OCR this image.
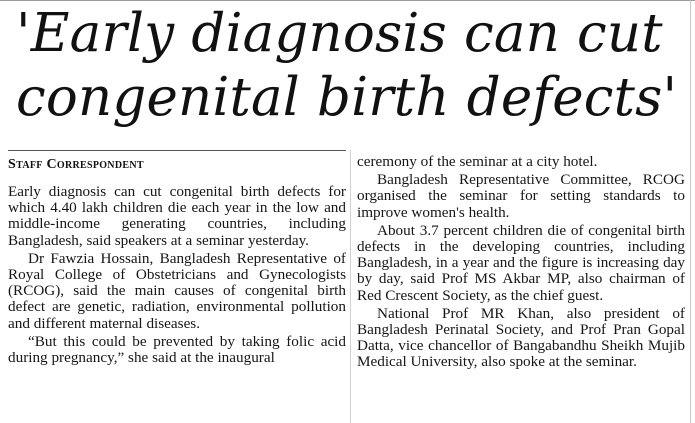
'Early diagnosis can cut
congenital birth defects'
Staff Correspondent

Early diagnosis can cut congenital birth defects for which 4.40 lakh children die each year in the low and middle-income generating countries, including Bangladesh, said speakers at a seminar yesterday.

Dr Fawzia Hossain, Bangladesh Representative of Royal College of Obstetricians and Gynecologists (RCOG), said the main causes of congenital birth defect are genetic, radiation, environmental pollution and different maternal diseases.

“But this could be prevented by taking folic acid during pregnancy,” she said at the inaugural

ceremony of the seminar at a city hotel.

Bangladesh Representative Committee, RCOG organised the seminar for setting standards to improve women's health.

About 3.7 percent children die of congenital birth defects in the developing countries, including Bangladesh, in a year and the figure is increasing day by day, said Prof MS Akbar MP, also chairman of Red Crescent Society, as the chief guest.

National Prof MR Khan, also president of Bangladesh Perinatal Society, and Prof Pran Gopal Datta, vice chancellor of Bangabandhu Sheikh Mujib Medical University, also spoke at the seminar.
